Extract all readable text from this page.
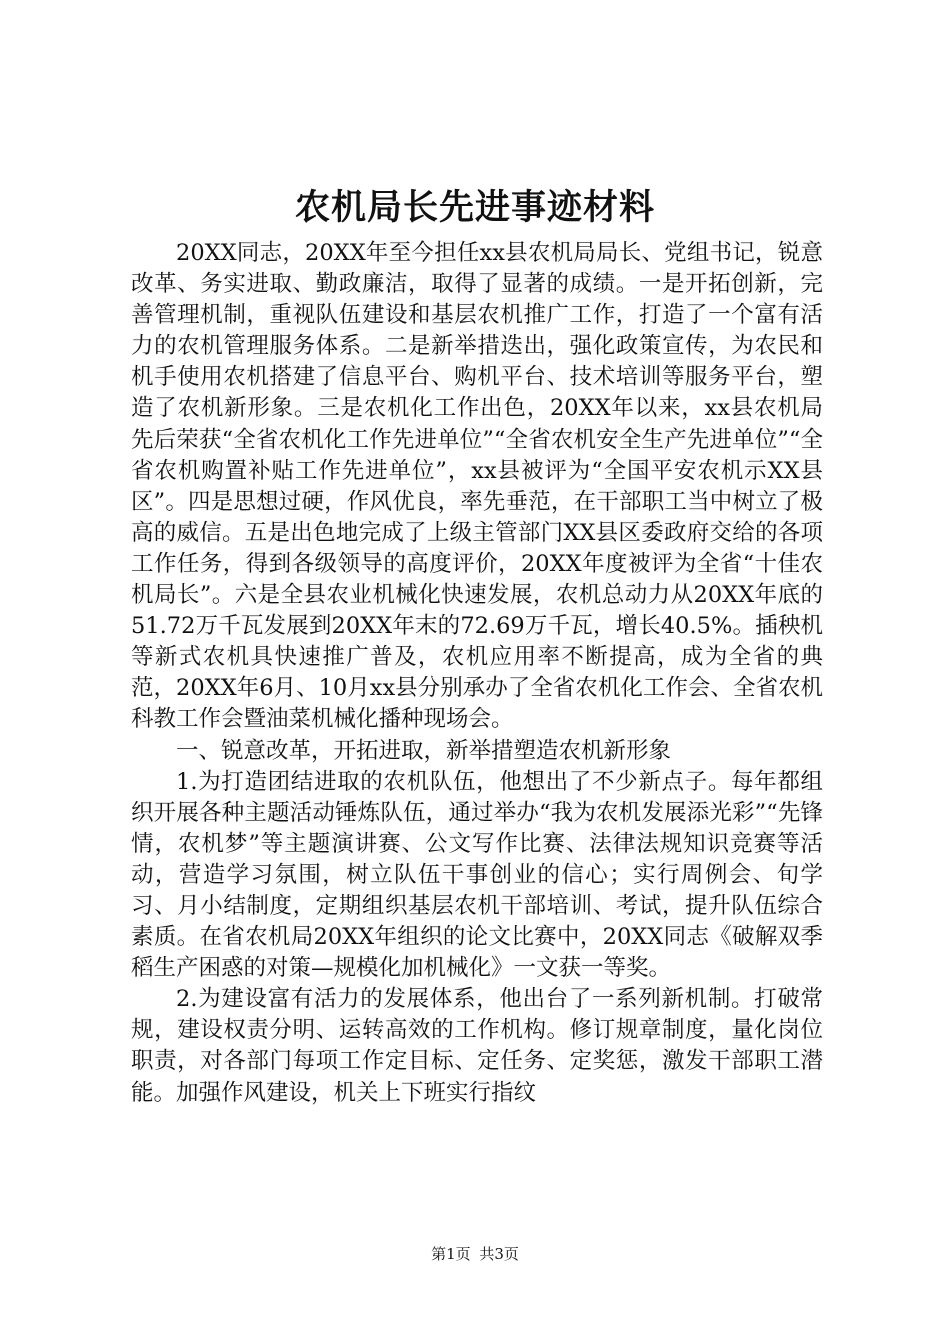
农机局长先进事迹材料

20XX同志，20XX年至今担任xx县农机局局长、党组书记，锐意改革、务实进取、勤政廉洁，取得了显著的成绩。一是开拓创新，完善管理机制，重视队伍建设和基层农机推广工作，打造了一个富有活力的农机管理服务体系。二是新举措迭出，强化政策宣传，为农民和机手使用农机搭建了信息平台、购机平台、技术培训等服务平台，塑造了农机新形象。三是农机化工作出色，20XX年以来，xx县农机局先后荣获“全省农机化工作先进单位”“全省农机安全生产先进单位”“全省农机购置补贴工作先进单位”，xx县被评为“全国平安农机示XX县区”。四是思想过硬，作风优良，率先垂范，在干部职工当中树立了极高的威信。五是出色地完成了上级主管部门XX县区委政府交给的各项工作任务，得到各级领导的高度评价，20XX年度被评为全省“十佳农机局长”。六是全县农业机械化快速发展，农机总动力从20XX年底的51.72万千瓦发展到20XX年末的72.69万千瓦，增长40.5%。插秧机等新式农机具快速推广普及，农机应用率不断提高，成为全省的典范，20XX年6月、10月xx县分别承办了全省农机化工作会、全省农机科教工作会暨油菜机械化播种现场会。

一、锐意改革，开拓进取，新举措塑造农机新形象

1.为打造团结进取的农机队伍，他想出了不少新点子。每年都组织开展各种主题活动锤炼队伍，通过举办“我为农机发展添光彩”“先锋情，农机梦”等主题演讲赛、公文写作比赛、法律法规知识竞赛等活动，营造学习氛围，树立队伍干事创业的信心；实行周例会、旬学习、月小结制度，定期组织基层农机干部培训、考试，提升队伍综合素质。在省农机局20XX年组织的论文比赛中，20XX同志《破解双季稻生产困惑的对策—规模化加机械化》一文获一等奖。

2.为建设富有活力的发展体系，他出台了一系列新机制。打破常规，建设权责分明、运转高效的工作机构。修订规章制度，量化岗位职责，对各部门每项工作定目标、定任务、定奖惩，激发干部职工潜能。加强作风建设，机关上下班实行指纹

第1页 共3页
